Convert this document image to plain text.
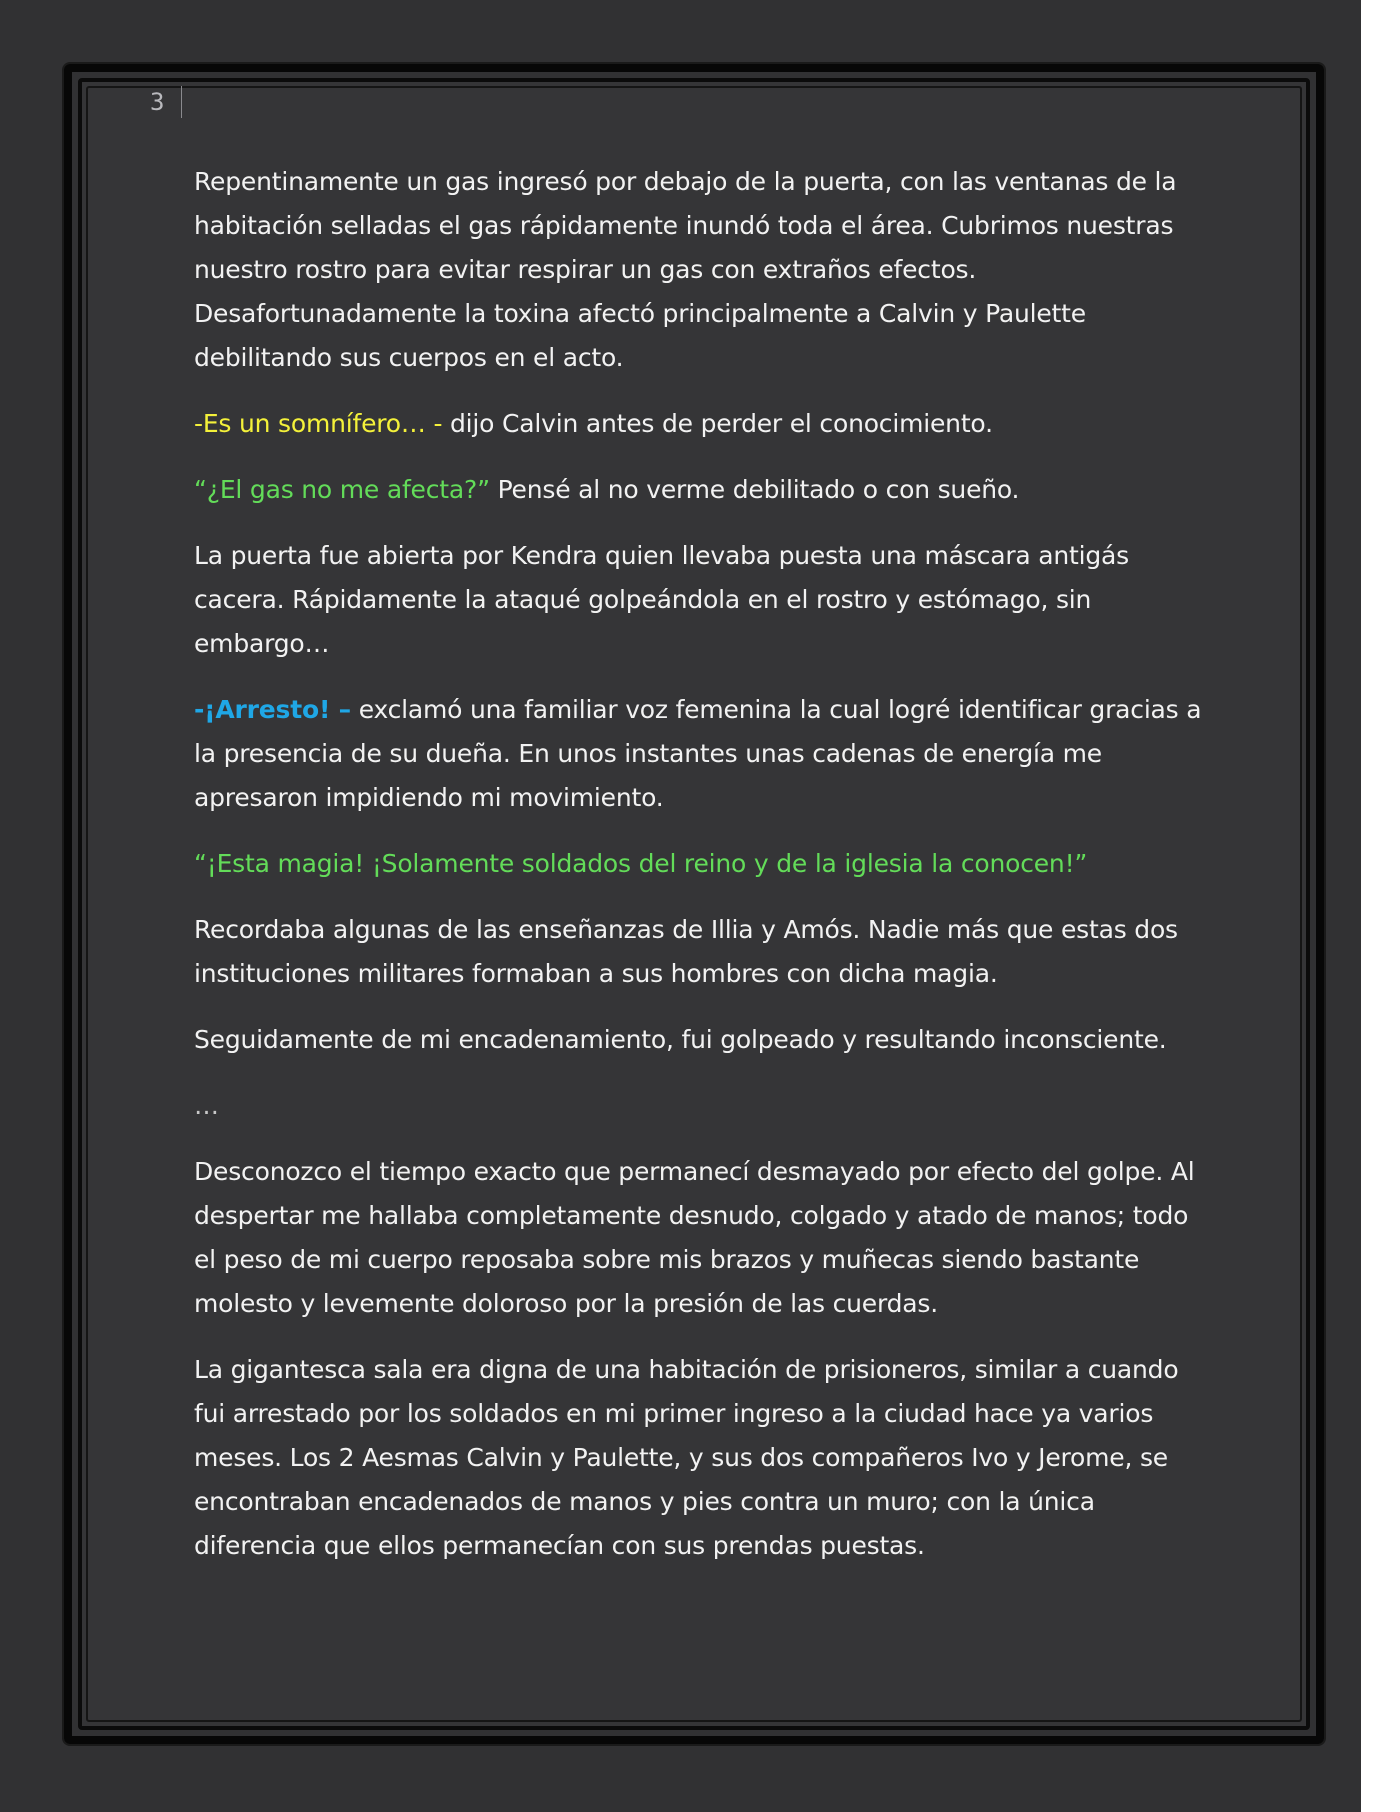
3

Repentinamente un gas ingresó por debajo de la puerta, con las ventanas de la habitación selladas el gas rápidamente inundó toda el área. Cubrimos nuestras nuestro rostro para evitar respirar un gas con extraños efectos. Desafortunadamente la toxina afectó principalmente a Calvin y Paulette debilitando sus cuerpos en el acto.

-Es un somnífero… - dijo Calvin antes de perder el conocimiento.

“¿El gas no me afecta?” Pensé al no verme debilitado o con sueño.

La puerta fue abierta por Kendra quien llevaba puesta una máscara antigás cacera. Rápidamente la ataqué golpeándola en el rostro y estómago, sin embargo…

-¡Arresto! – exclamó una familiar voz femenina la cual logré identificar gracias a la presencia de su dueña. En unos instantes unas cadenas de energía me apresaron impidiendo mi movimiento.

“¡Esta magia! ¡Solamente soldados del reino y de la iglesia la conocen!”

Recordaba algunas de las enseñanzas de Illia y Amós. Nadie más que estas dos instituciones militares formaban a sus hombres con dicha magia.

Seguidamente de mi encadenamiento, fui golpeado y resultando inconsciente.

…

Desconozco el tiempo exacto que permanecí desmayado por efecto del golpe. Al despertar me hallaba completamente desnudo, colgado y atado de manos; todo el peso de mi cuerpo reposaba sobre mis brazos y muñecas siendo bastante molesto y levemente doloroso por la presión de las cuerdas.

La gigantesca sala era digna de una habitación de prisioneros, similar a cuando fui arrestado por los soldados en mi primer ingreso a la ciudad hace ya varios meses. Los 2 Aesmas Calvin y Paulette, y sus dos compañeros Ivo y Jerome, se encontraban encadenados de manos y pies contra un muro; con la única diferencia que ellos permanecían con sus prendas puestas.
